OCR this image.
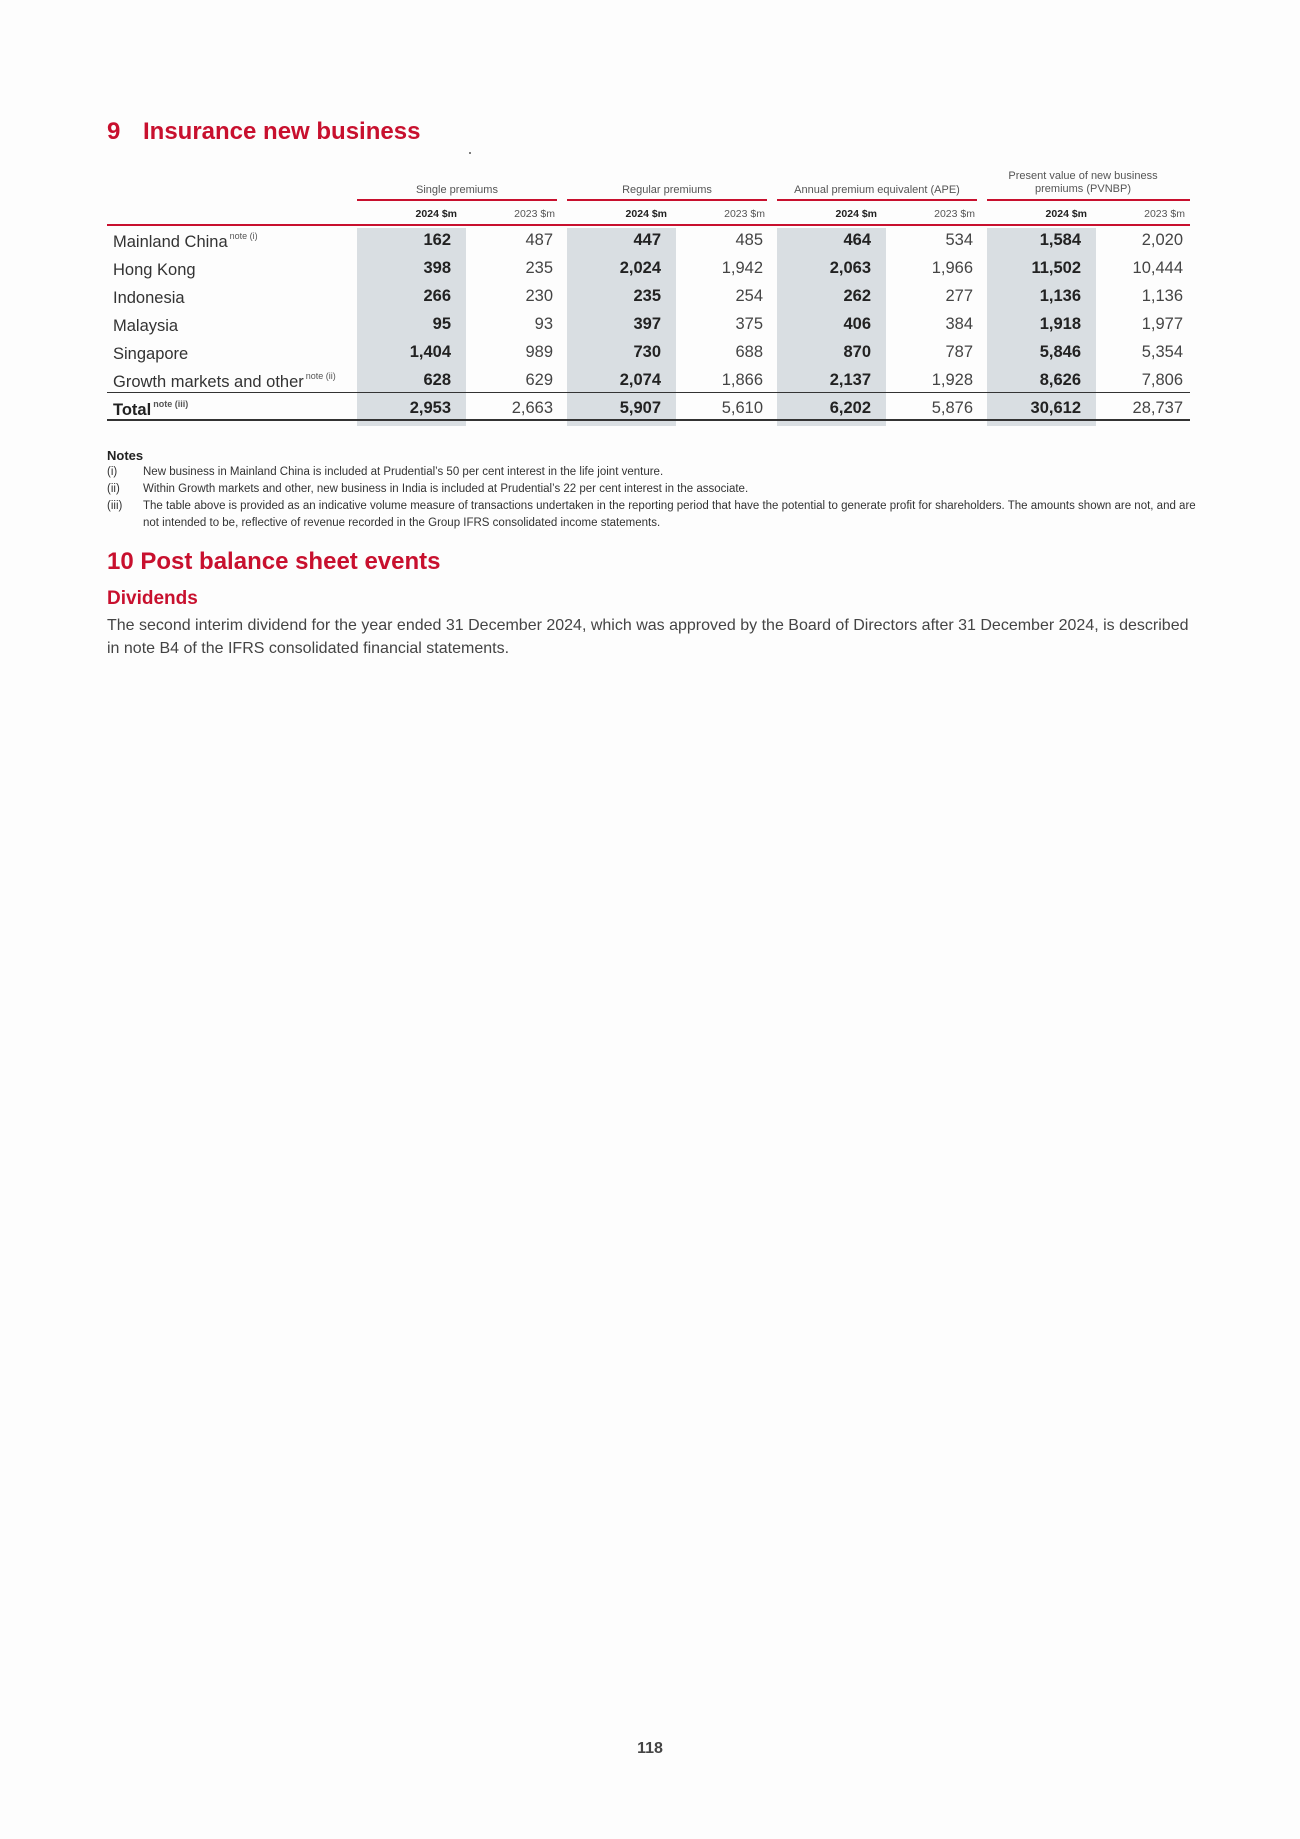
9 Insurance new business
Single premiums	Regular premiums	Annual premium equivalent (APE)
Present value of new business premiums (PVNBP)
2024 $m	2023 $m	2024 $m	2023 $m	2024 $m	2023 $m	2024 $m	2023 $m
Mainland China $^{note (i)}$	162	487	447	485	464	534	1,584	2,020
Hong Kong	398	235	2,024	1,942	2,063	1,966	11,502	10,444
Indonesia	266	230	235	254	262	277	1,136	1,136
Malaysia	95	93	397	375	406	384	1,918	1,977
Singapore	1,404	989	730	688	870	787	5,846	5,354
Growth markets and other $^{note (ii)}$	628	629	2,074	1,866	2,137	1,928	8,626	7,806
Total $^{note (iii)}$	2,953	2,663	5,907	5,610	6,202	5,876	30,612	28,737
Notes
(i) New business in Mainland China is included at Prudential’s 50 per cent interest in the life joint venture.
(ii) Within Growth markets and other, new business in India is included at Prudential’s 22 per cent interest in the associate.
(iii) The table above is provided as an indicative volume measure of transactions undertaken in the reporting period that have the potential to generate profit for shareholders. The amounts shown are not, and are not intended to be, reflective of revenue recorded in the Group IFRS consolidated income statements.
10 Post balance sheet events
Dividends

The second interim dividend for the year ended 31 December 2024, which was approved by the Board of Directors after 31 December 2024, is described in note B4 of the IFRS consolidated financial statements.

118
